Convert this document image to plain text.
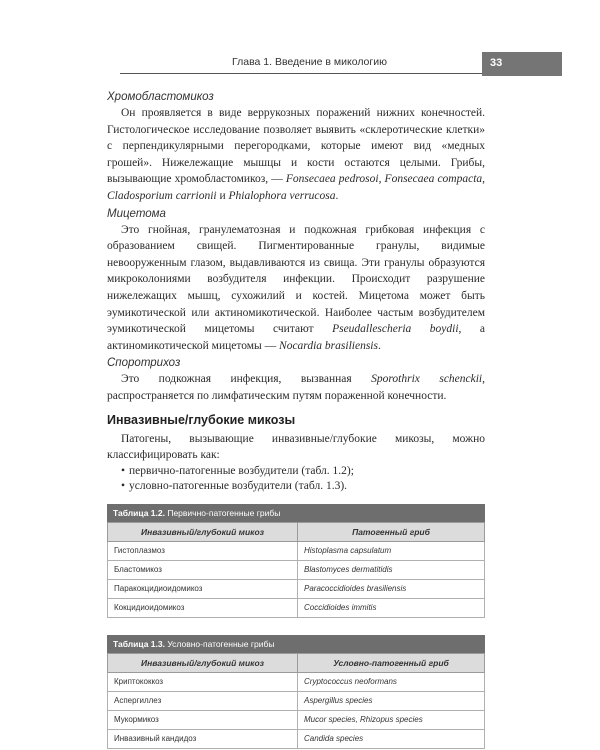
Глава 1. Введение в микологию	33
Хромобластомикоз

Он проявляется в виде веррукозных поражений нижних конечностей. Гистологическое исследование позволяет выявить «склеротические клетки» с перпендикулярными перегородками, которые имеют вид «медных грошей». Нижележащие мышцы и кости остаются целыми. Грибы, вызывающие хромобластомикоз, — Fonsecaea pedrosoi, Fonsecaea compacta, Cladosporium carrionii и Phialophora verrucosa.

Мицетома

Это гнойная, гранулематозная и подкожная грибковая инфекция с образованием свищей. Пигментированные гранулы, видимые невооруженным глазом, выдавливаются из свища. Эти гранулы образуются микроколониями возбудителя инфекции. Происходит разрушение нижележащих мышц, сухожилий и костей. Мицетома может быть эумикотической или актиномикотической. Наиболее частым возбудителем эумикотической мицетомы считают Pseudallescheria boydii, а актиномикотической мицетомы — Nocardia brasiliensis.

Споротрихоз

Это подкожная инфекция, вызванная Sporothrix schenckii, распространяется по лимфатическим путям пораженной конечности.

Инвазивные/глубокие микозы

Патогены, вызывающие инвазивные/глубокие микозы, можно классифицировать как:

• первично-патогенные возбудители (табл. 1.2);
• условно-патогенные возбудители (табл. 1.3).
Таблица 1.2. Первично-патогенные грибы
Инвазивный/глубокий микоз	Патогенный гриб
Гистоплазмоз	Histoplasma capsulatum
Бластомикоз	Blastomyces dermatitidis
Паракокцидиоидомикоз	Paracoccidioides brasiliensis
Кокцидиоидомикоз	Coccidioides immitis
Таблица 1.3. Условно-патогенные грибы
Инвазивный/глубокий микоз	Условно-патогенный гриб
Криптококкоз	Cryptococcus neoformans
Аспергиллез	Aspergillus species
Мукормикоз	Mucor species, Rhizopus species
Инвазивный кандидоз	Candida species
